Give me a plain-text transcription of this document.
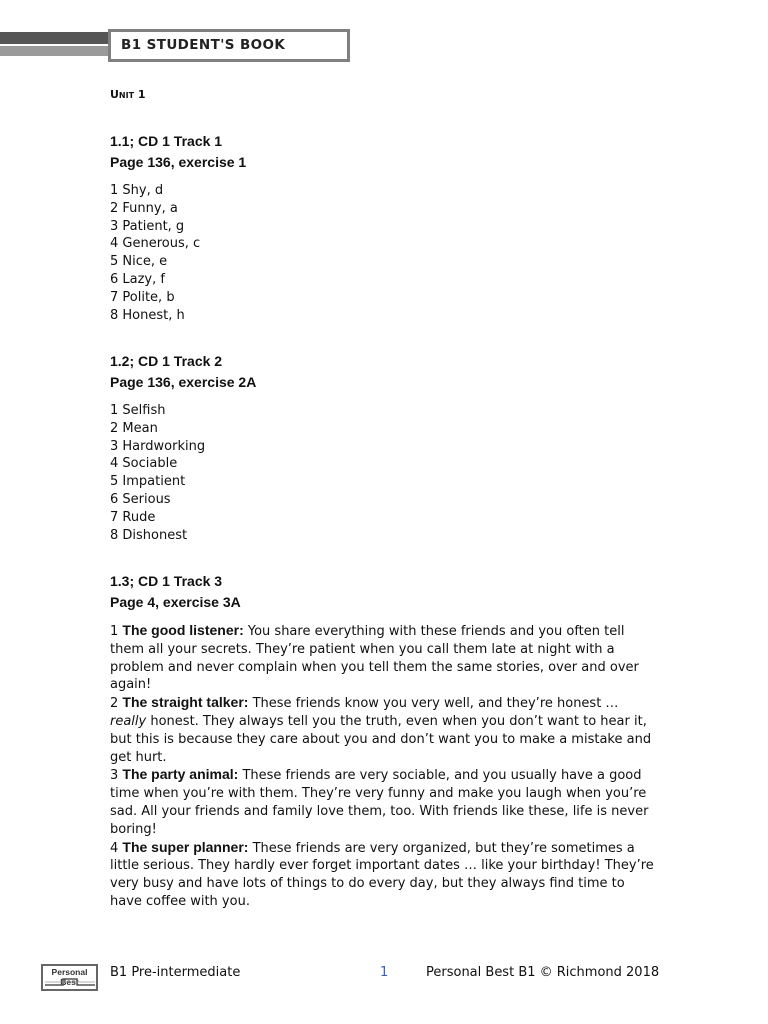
B1 STUDENT'S BOOK
Unit 1
1.1; CD 1 Track 1
Page 136, exercise 1
1 Shy, d
2 Funny, a
3 Patient, g
4 Generous, c
5 Nice, e
6 Lazy, f
7 Polite, b
8 Honest, h
1.2; CD 1 Track 2
Page 136, exercise 2A
1 Selfish
2 Mean
3 Hardworking
4 Sociable
5 Impatient
6 Serious
7 Rude
8 Dishonest
1.3; CD 1 Track 3
Page 4, exercise 3A

1 The good listener: You share everything with these friends and you often tell them all your secrets. They’re patient when you call them late at night with a problem and never complain when you tell them the same stories, over and over again!

2 The straight talker: These friends know you very well, and they’re honest … really honest. They always tell you the truth, even when you don’t want to hear it, but this is because they care about you and don’t want you to make a mistake and get hurt.

3 The party animal: These friends are very sociable, and you usually have a good time when you’re with them. They’re very funny and make you laugh when you’re sad. All your friends and family love them, too. With friends like these, life is never boring!

4 The super planner: These friends are very organized, but they’re sometimes a little serious. They hardly ever forget important dates … like your birthday! They’re very busy and have lots of things to do every day, but they always find time to have coffee with you.

Personal Best
B1 Pre-intermediate	1	Personal Best B1 © Richmond 2018
